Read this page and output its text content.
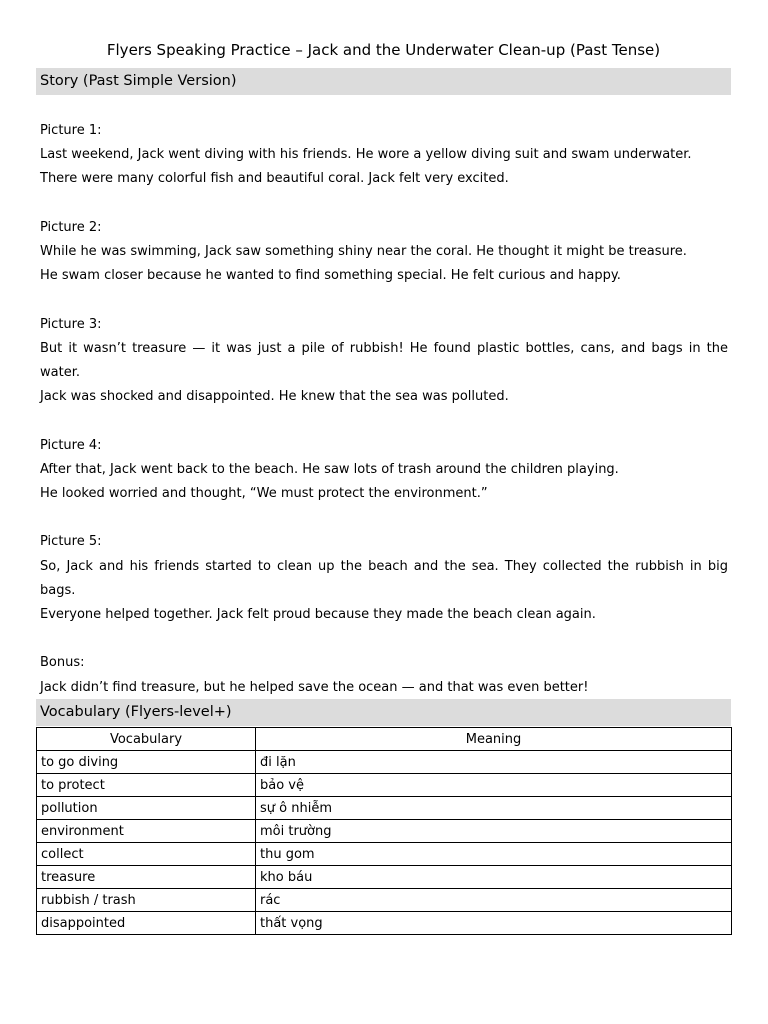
Flyers Speaking Practice – Jack and the Underwater Clean-up (Past Tense)
Story (Past Simple Version)

Picture 1:

Last weekend, Jack went diving with his friends. He wore a yellow diving suit and swam underwater.

There were many colorful fish and beautiful coral. Jack felt very excited.

Picture 2:

While he was swimming, Jack saw something shiny near the coral. He thought it might be treasure.

He swam closer because he wanted to find something special. He felt curious and happy.

Picture 3:

But it wasn’t treasure — it was just a pile of rubbish! He found plastic bottles, cans, and bags in the water.

Jack was shocked and disappointed. He knew that the sea was polluted.

Picture 4:

After that, Jack went back to the beach. He saw lots of trash around the children playing.

He looked worried and thought, “We must protect the environment.”

Picture 5:

So, Jack and his friends started to clean up the beach and the sea. They collected the rubbish in big bags.

Everyone helped together. Jack felt proud because they made the beach clean again.

Bonus:

Jack didn’t find treasure, but he helped save the ocean — and that was even better!

Vocabulary (Flyers-level+)
Vocabulary	Meaning
to go diving	đi lặn
to protect	bảo vệ
pollution	sự ô nhiễm
environment	môi trường
collect	thu gom
treasure	kho báu
rubbish / trash	rác
disappointed	thất vọng
